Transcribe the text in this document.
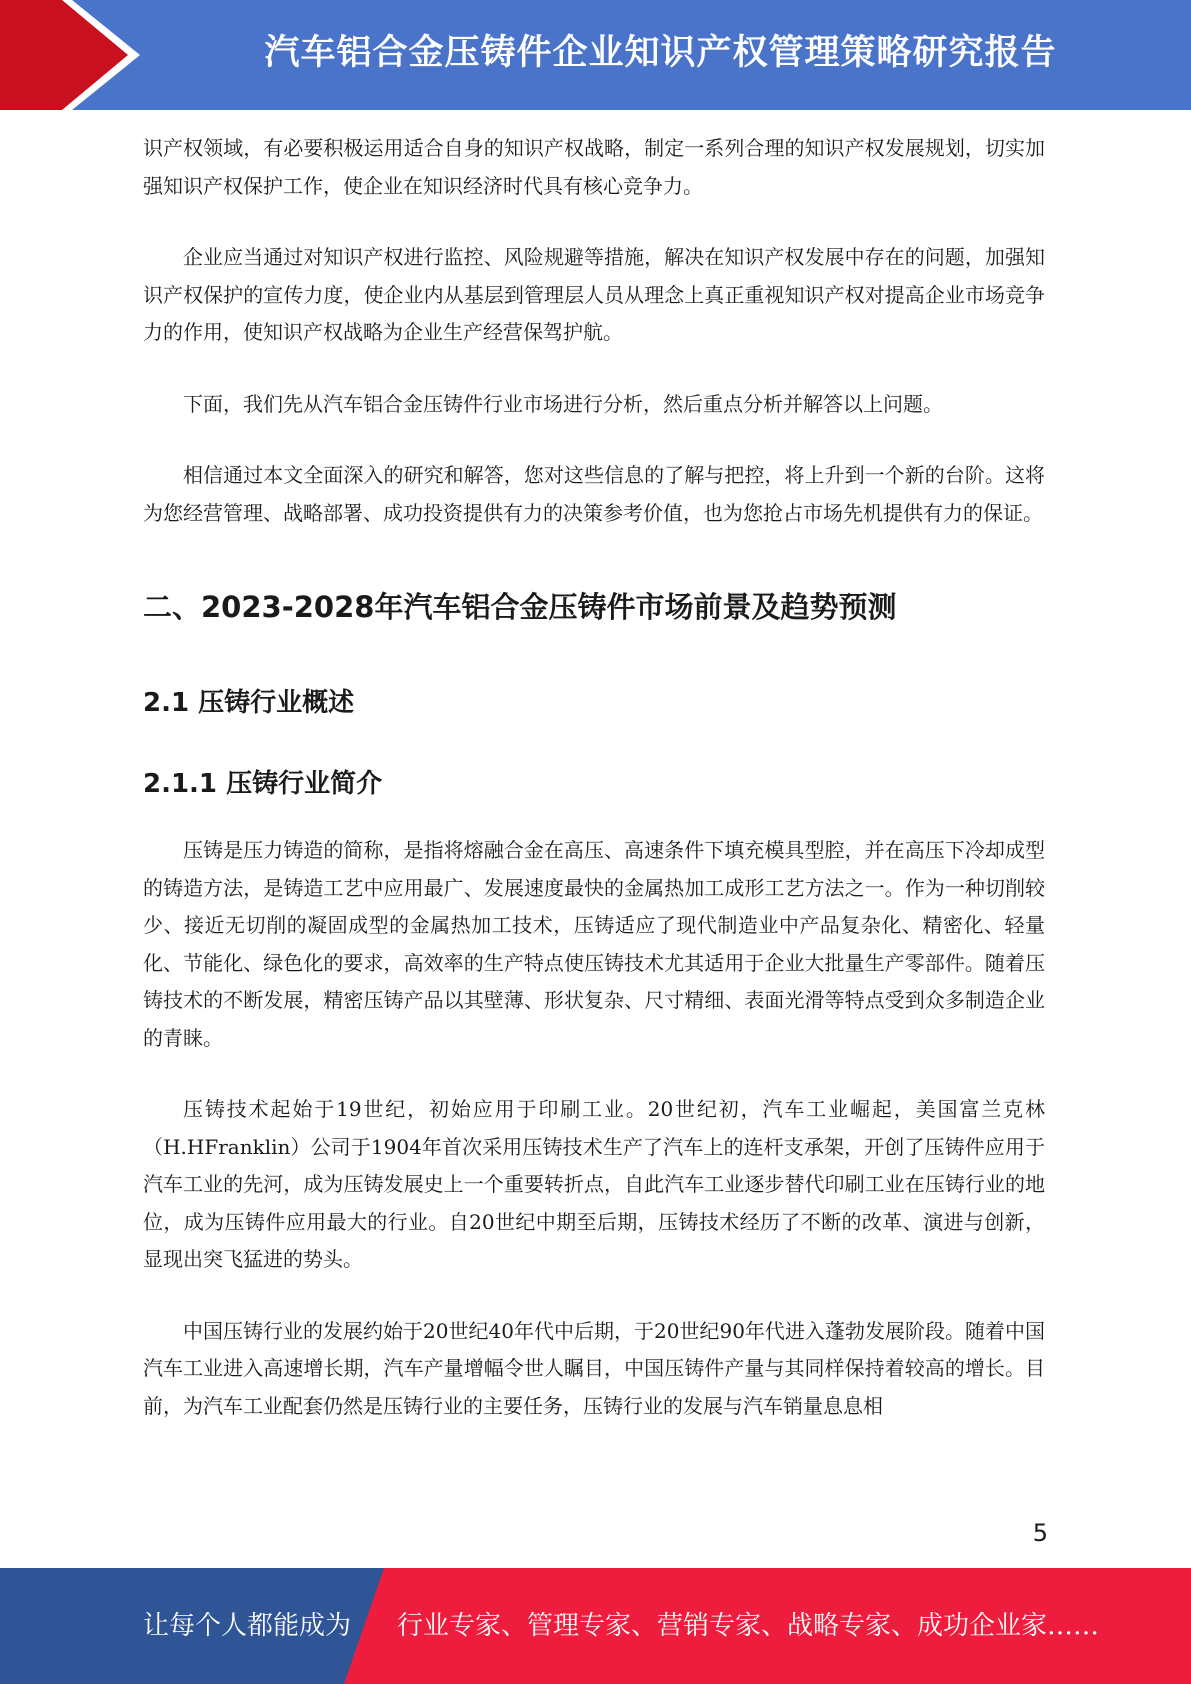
汽车铝合金压铸件企业知识产权管理策略研究报告

识产权领域，有必要积极运用适合自身的知识产权战略，制定一系列合理的知识产权发展规划，切实加强知识产权保护工作，使企业在知识经济时代具有核心竞争力。

企业应当通过对知识产权进行监控、风险规避等措施，解决在知识产权发展中存在的问题，加强知识产权保护的宣传力度，使企业内从基层到管理层人员从理念上真正重视知识产权对提高企业市场竞争力的作用，使知识产权战略为企业生产经营保驾护航。

下面，我们先从汽车铝合金压铸件行业市场进行分析，然后重点分析并解答以上问题。

相信通过本文全面深入的研究和解答，您对这些信息的了解与把控，将上升到一个新的台阶。这将为您经营管理、战略部署、成功投资提供有力的决策参考价值，也为您抢占市场先机提供有力的保证。

二、2023-2028年汽车铝合金压铸件市场前景及趋势预测
2.1 压铸行业概述
2.1.1 压铸行业简介

压铸是压力铸造的简称，是指将熔融合金在高压、高速条件下填充模具型腔，并在高压下冷却成型的铸造方法，是铸造工艺中应用最广、发展速度最快的金属热加工成形工艺方法之一。作为一种切削较少、接近无切削的凝固成型的金属热加工技术，压铸适应了现代制造业中产品复杂化、精密化、轻量化、节能化、绿色化的要求，高效率的生产特点使压铸技术尤其适用于企业大批量生产零部件。随着压铸技术的不断发展，精密压铸产品以其壁薄、形状复杂、尺寸精细、表面光滑等特点受到众多制造企业的青睐。

压铸技术起始于19世纪，初始应用于印刷工业。20世纪初，汽车工业崛起，美国富兰克林（H.HFranklin）公司于1904年首次采用压铸技术生产了汽车上的连杆支承架，开创了压铸件应用于汽车工业的先河，成为压铸发展史上一个重要转折点，自此汽车工业逐步替代印刷工业在压铸行业的地位，成为压铸件应用最大的行业。自20世纪中期至后期，压铸技术经历了不断的改革、演进与创新，显现出突飞猛进的势头。

中国压铸行业的发展约始于20世纪40年代中后期，于20世纪90年代进入蓬勃发展阶段。随着中国汽车工业进入高速增长期，汽车产量增幅令世人瞩目，中国压铸件产量与其同样保持着较高的增长。目前，为汽车工业配套仍然是压铸行业的主要任务，压铸行业的发展与汽车销量息息相

5
让每个人都能成为 行业专家、管理专家、营销专家、战略专家、成功企业家……
